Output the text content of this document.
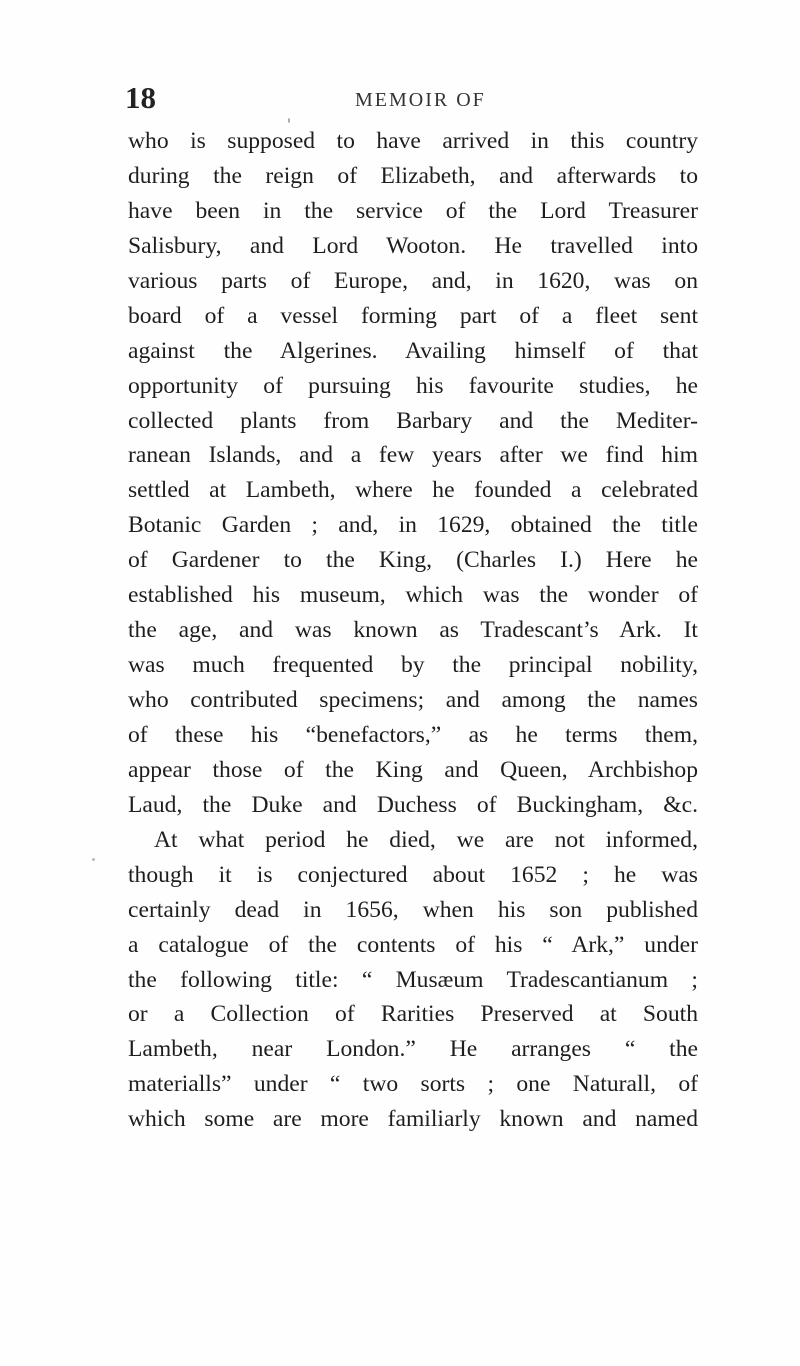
18	MEMOIR OF
who is supposed to have arrived in this country
during the reign of Elizabeth, and afterwards to
have been in the service of the Lord Treasurer
Salisbury, and Lord Wooton. He travelled into
various parts of Europe, and, in 1620, was on
board of a vessel forming part of a fleet sent
against the Algerines. Availing himself of that
opportunity of pursuing his favourite studies, he
collected plants from Barbary and the Mediter-
ranean Islands, and a few years after we find him
settled at Lambeth, where he founded a celebrated
Botanic Garden ; and, in 1629, obtained the title
of Gardener to the King, (Charles I.) Here he
established his museum, which was the wonder of
the age, and was known as Tradescant’s Ark. It
was much frequented by the principal nobility,
who contributed specimens; and among the names
of these his “benefactors,” as he terms them,
appear those of the King and Queen, Archbishop
Laud, the Duke and Duchess of Buckingham, &c.
At what period he died, we are not informed,
though it is conjectured about 1652 ; he was
certainly dead in 1656, when his son published
a catalogue of the contents of his “ Ark,” under
the following title: “ Musæum Tradescantianum ;
or a Collection of Rarities Preserved at South
Lambeth, near London.” He arranges “ the
materialls” under “ two sorts ; one Naturall, of
which some are more familiarly known and named
